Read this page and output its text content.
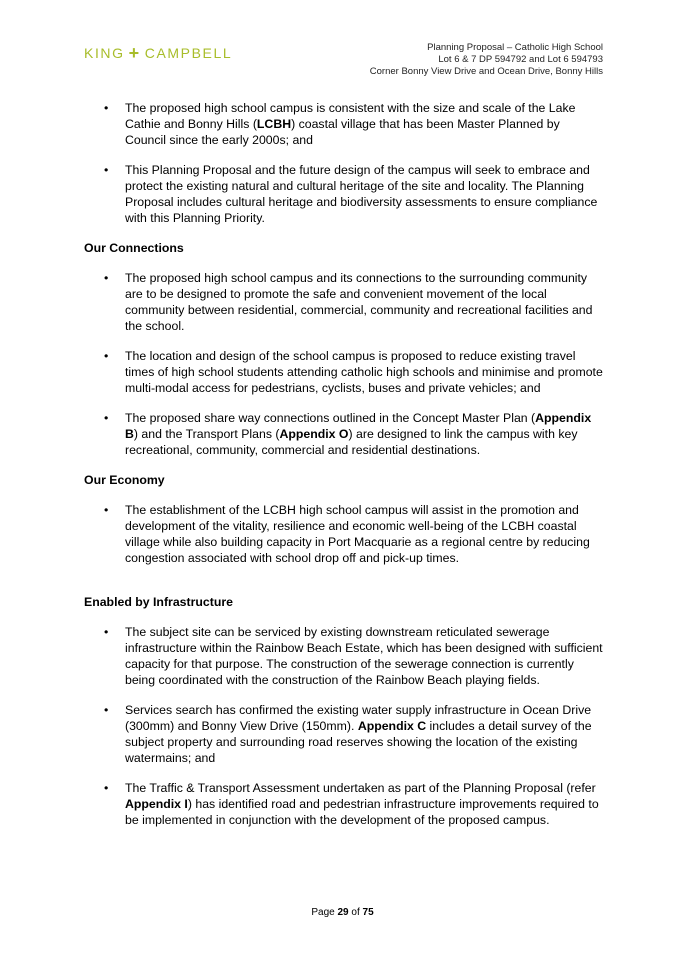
KING + CAMPBELL	Planning Proposal – Catholic High School
Lot 6 & 7 DP 594792 and Lot 6 594793
Corner Bonny View Drive and Ocean Drive, Bonny Hills
• The proposed high school campus is consistent with the size and scale of the Lake Cathie and Bonny Hills (LCBH) coastal village that has been Master Planned by Council since the early 2000s; and
• This Planning Proposal and the future design of the campus will seek to embrace and protect the existing natural and cultural heritage of the site and locality. The Planning Proposal includes cultural heritage and biodiversity assessments to ensure compliance with this Planning Priority.
Our Connections
• The proposed high school campus and its connections to the surrounding community are to be designed to promote the safe and convenient movement of the local community between residential, commercial, community and recreational facilities and the school.
• The location and design of the school campus is proposed to reduce existing travel times of high school students attending catholic high schools and minimise and promote multi-modal access for pedestrians, cyclists, buses and private vehicles; and
• The proposed share way connections outlined in the Concept Master Plan (Appendix B) and the Transport Plans (Appendix O) are designed to link the campus with key recreational, community, commercial and residential destinations.
Our Economy
• The establishment of the LCBH high school campus will assist in the promotion and development of the vitality, resilience and economic well-being of the LCBH coastal village while also building capacity in Port Macquarie as a regional centre by reducing congestion associated with school drop off and pick-up times.
Enabled by Infrastructure
• The subject site can be serviced by existing downstream reticulated sewerage infrastructure within the Rainbow Beach Estate, which has been designed with sufficient capacity for that purpose. The construction of the sewerage connection is currently being coordinated with the construction of the Rainbow Beach playing fields.
• Services search has confirmed the existing water supply infrastructure in Ocean Drive (300mm) and Bonny View Drive (150mm). Appendix C includes a detail survey of the subject property and surrounding road reserves showing the location of the existing watermains; and
• The Traffic & Transport Assessment undertaken as part of the Planning Proposal (refer Appendix I) has identified road and pedestrian infrastructure improvements required to be implemented in conjunction with the development of the proposed campus.
Page 29 of 75
